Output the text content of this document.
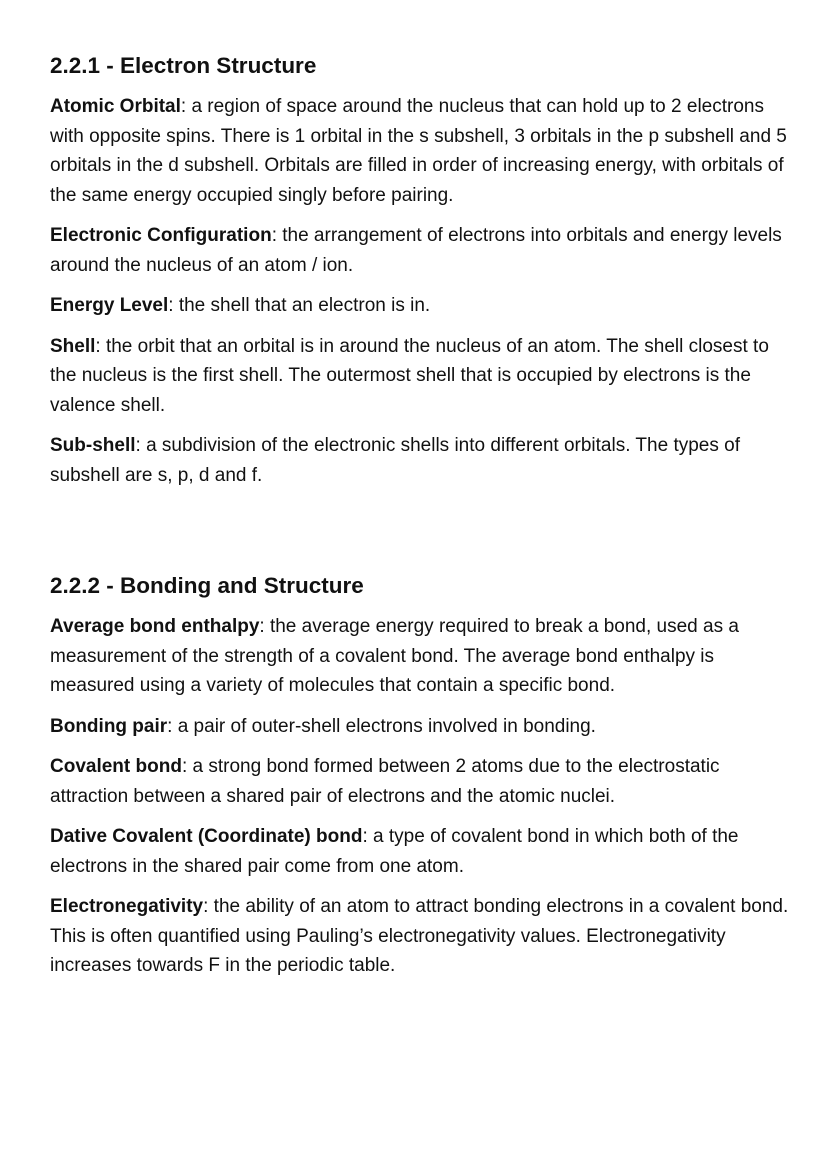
2.2.1 - Electron Structure

Atomic Orbital: a region of space around the nucleus that can hold up to 2 electrons with opposite spins. There is 1 orbital in the s subshell, 3 orbitals in the p subshell and 5 orbitals in the d subshell. Orbitals are filled in order of increasing energy, with orbitals of the same energy occupied singly before pairing.

Electronic Configuration: the arrangement of electrons into orbitals and energy levels around the nucleus of an atom / ion.

Energy Level: the shell that an electron is in.

Shell: the orbit that an orbital is in around the nucleus of an atom. The shell closest to the nucleus is the first shell. The outermost shell that is occupied by electrons is the valence shell.

Sub-shell: a subdivision of the electronic shells into different orbitals. The types of subshell are s, p, d and f.

2.2.2 - Bonding and Structure

Average bond enthalpy: the average energy required to break a bond, used as a measurement of the strength of a covalent bond. The average bond enthalpy is measured using a variety of molecules that contain a specific bond.

Bonding pair: a pair of outer-shell electrons involved in bonding.

Covalent bond: a strong bond formed between 2 atoms due to the electrostatic attraction between a shared pair of electrons and the atomic nuclei.

Dative Covalent (Coordinate) bond: a type of covalent bond in which both of the electrons in the shared pair come from one atom.

Electronegativity: the ability of an atom to attract bonding electrons in a covalent bond. This is often quantified using Pauling’s electronegativity values. Electronegativity increases towards F in the periodic table.
